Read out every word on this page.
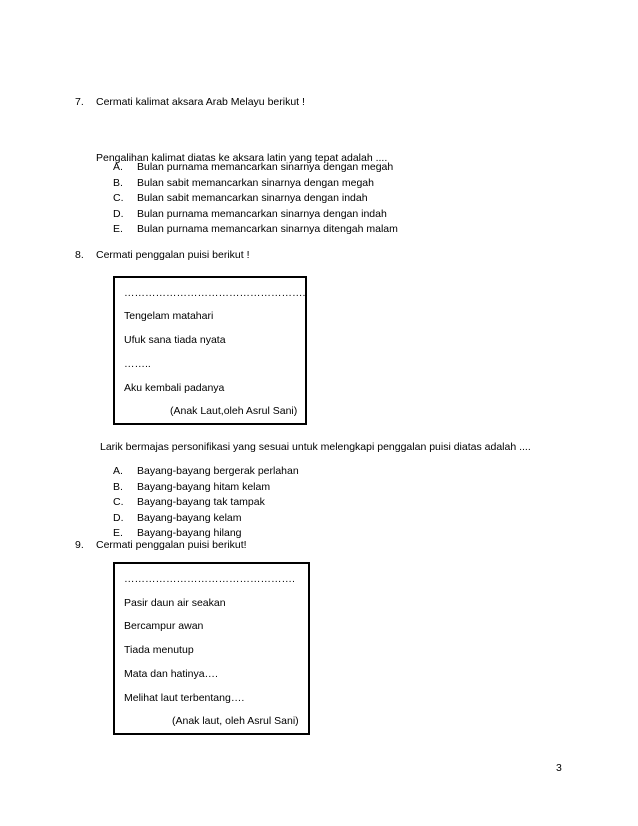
7. Cermati kalimat aksara Arab Melayu berikut !
Pengalihan kalimat diatas ke aksara latin yang tepat adalah ....
A. Bulan purnama memancarkan sinarnya dengan megah
B. Bulan sabit memancarkan sinarnya dengan megah
C. Bulan sabit memancarkan sinarnya dengan indah
D. Bulan purnama memancarkan sinarnya dengan indah
E. Bulan purnama memancarkan sinarnya ditengah malam
8. Cermati penggalan puisi berikut !
…………………………………………….
Tengelam matahari
Ufuk sana tiada nyata
……..
Aku kembali padanya
(Anak Laut,oleh Asrul Sani)
Larik bermajas personifikasi yang sesuai untuk melengkapi penggalan puisi diatas adalah ....
A. Bayang-bayang bergerak perlahan
B. Bayang-bayang hitam kelam
C. Bayang-bayang tak tampak
D. Bayang-bayang kelam
E. Bayang-bayang hilang
9. Cermati penggalan puisi berikut!
………………………………………….
Pasir daun air seakan
Bercampur awan
Tiada menutup
Mata dan hatinya….
Melihat laut terbentang….
(Anak laut, oleh Asrul Sani)
3
